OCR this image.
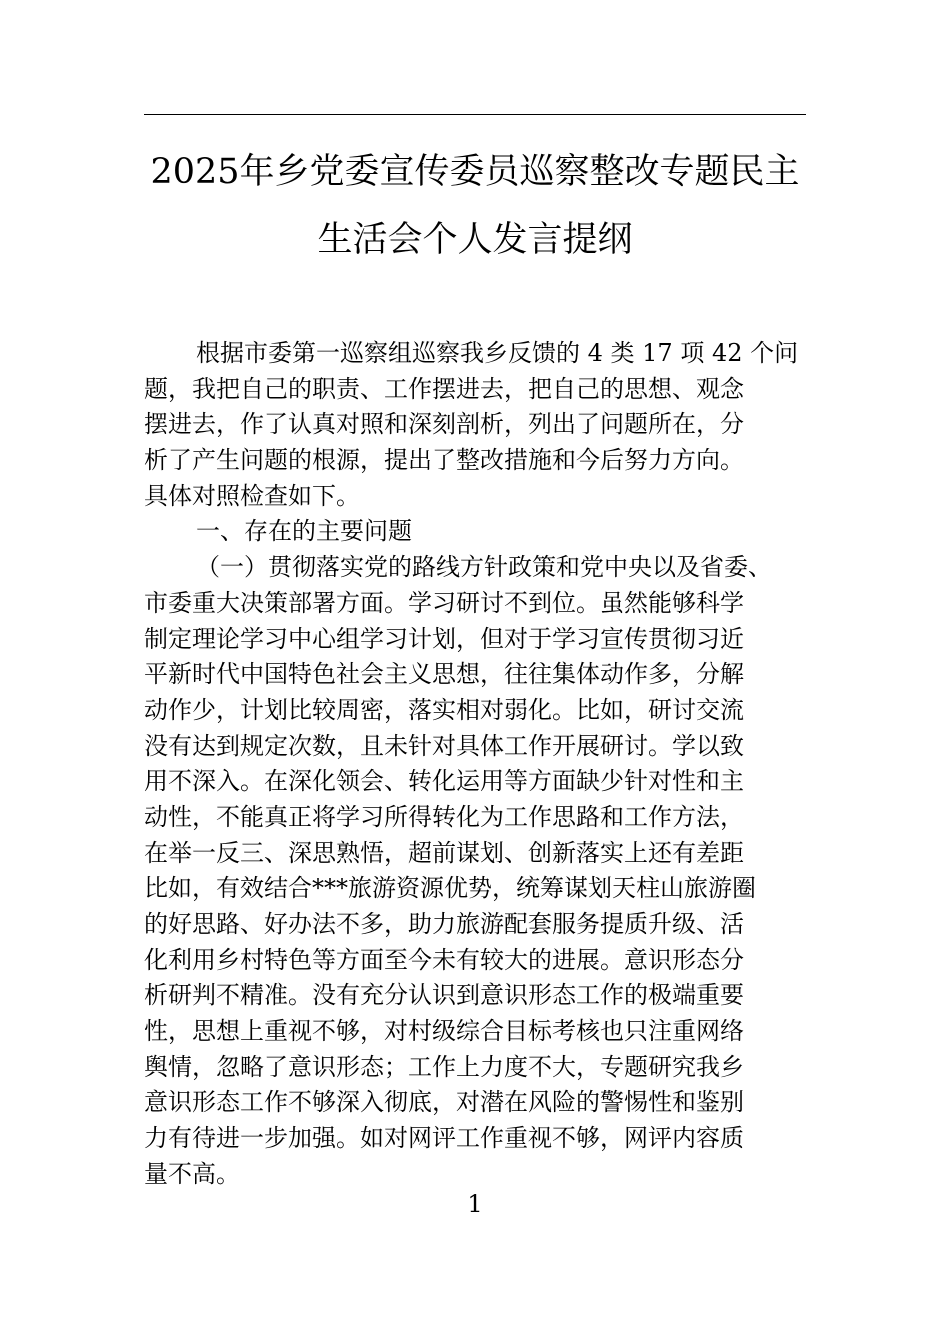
2025年乡党委宣传委员巡察整改专题民主
生活会个人发言提纲
根据市委第一巡察组巡察我乡反馈的 4 类 17 项 42 个问
题，我把自己的职责、工作摆进去，把自己的思想、观念
摆进去，作了认真对照和深刻剖析，列出了问题所在，分
析了产生问题的根源，提出了整改措施和今后努力方向。
具体对照检查如下。
一、存在的主要问题
（一）贯彻落实党的路线方针政策和党中央以及省委、
市委重大决策部署方面。学习研讨不到位。虽然能够科学
制定理论学习中心组学习计划，但对于学习宣传贯彻习近
平新时代中国特色社会主义思想，往往集体动作多，分解
动作少，计划比较周密，落实相对弱化。比如，研讨交流
没有达到规定次数，且未针对具体工作开展研讨。学以致
用不深入。在深化领会、转化运用等方面缺少针对性和主
动性，不能真正将学习所得转化为工作思路和工作方法，
在举一反三、深思熟悟，超前谋划、创新落实上还有差距
比如，有效结合***旅游资源优势，统筹谋划天柱山旅游圈
的好思路、好办法不多，助力旅游配套服务提质升级、活
化利用乡村特色等方面至今未有较大的进展。意识形态分
析研判不精准。没有充分认识到意识形态工作的极端重要
性，思想上重视不够，对村级综合目标考核也只注重网络
舆情，忽略了意识形态；工作上力度不大，专题研究我乡
意识形态工作不够深入彻底，对潜在风险的警惕性和鉴别
力有待进一步加强。如对网评工作重视不够，网评内容质
量不高。
1
